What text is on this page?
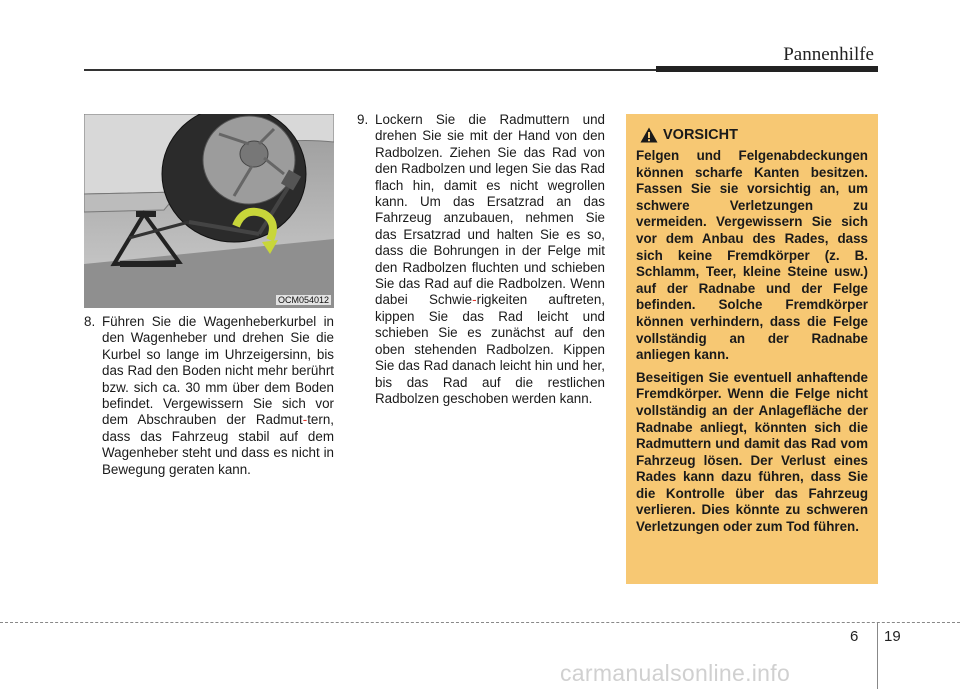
Pannenhilfe
OCM054012
8. Führen Sie die Wagenheberkurbel in den Wagenheber und drehen Sie die Kurbel so lange im Uhrzeigersinn, bis das Rad den Boden nicht mehr berührt bzw. sich ca. 30 mm über dem Boden befindet. Vergewissern Sie sich vor dem Abschrauben der Radmut-tern, dass das Fahrzeug stabil auf dem Wagenheber steht und dass es nicht in Bewegung geraten kann.
9. Lockern Sie die Radmuttern und drehen Sie sie mit der Hand von den Radbolzen. Ziehen Sie das Rad von den Radbolzen und legen Sie das Rad flach hin, damit es nicht wegrollen kann. Um das Ersatzrad an das Fahrzeug anzubauen, nehmen Sie das Ersatzrad und halten Sie es so, dass die Bohrungen in der Felge mit den Radbolzen fluchten und schieben Sie das Rad auf die Radbolzen. Wenn dabei Schwie-rigkeiten auftreten, kippen Sie das Rad leicht und schieben Sie es zunächst auf den oben stehenden Radbolzen. Kippen Sie das Rad danach leicht hin und her, bis das Rad auf die restlichen Radbolzen geschoben werden kann.
VORSICHT

Felgen und Felgenabdeckungen können scharfe Kanten besitzen. Fassen Sie sie vorsichtig an, um schwere Verletzungen zu vermeiden. Vergewissern Sie sich vor dem Anbau des Rades, dass sich keine Fremdkörper (z. B. Schlamm, Teer, kleine Steine usw.) auf der Radnabe und der Felge befinden. Solche Fremdkörper können verhindern, dass die Felge vollständig an der Radnabe anliegen kann.

Beseitigen Sie eventuell anhaftende Fremdkörper. Wenn die Felge nicht vollständig an der Anlagefläche der Radnabe anliegt, könnten sich die Radmuttern und damit das Rad vom Fahrzeug lösen. Der Verlust eines Rades kann dazu führen, dass Sie die Kontrolle über das Fahrzeug verlieren. Dies könnte zu schweren Verletzungen oder zum Tod führen.

6 19
carmanualsonline.info
